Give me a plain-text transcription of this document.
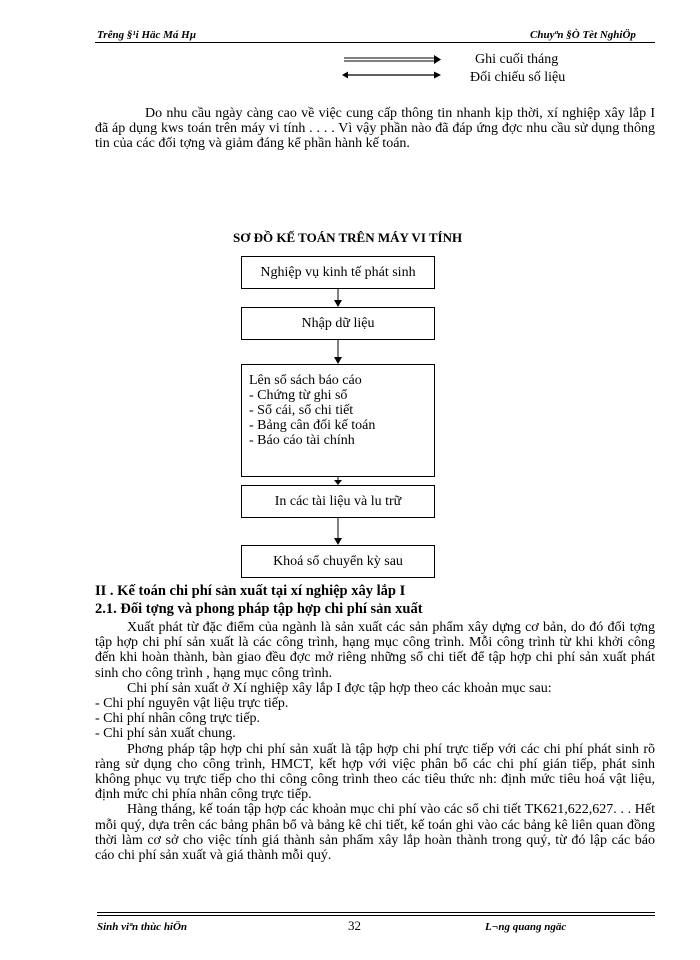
Trêng §¹i Häc Má Hµ	Chuyªn §Ò Tèt NghiÖp
Ghi cuối tháng
Đối chiếu số liệu
Do nhu cầu ngày càng cao về việc cung cấp thông tin nhanh kịp thời, xí nghiệp xây lắp I đã áp dụng kws toán trên máy vi tính . . . . Vì vậy phần nào đã đáp ứng đợc nhu cầu sử dụng thông tin của các đối tợng và giảm đáng kể phần hành kế toán.
SƠ ĐỒ KẾ TOÁN TRÊN MÁY VI TÍNH
Nghiệp vụ kinh tế phát sinh
Nhập dữ liệu
Lên sổ sách báo cáo
- Chứng từ ghi sổ
- Sổ cái, sổ chi tiết
- Bảng cân đối kế toán
- Báo cáo tài chính
In các tài liệu và lu trữ
Khoá sổ chuyển kỳ sau
II . Kế toán chi phí sản xuất tại xí nghiệp xây lắp I
2.1. Đối tợng và phong pháp tập hợp chi phí sản xuất

Xuất phát từ đặc điểm của ngành là sản xuất các sản phẩm xây dựng cơ bản, do đó đối tợng tập hợp chi phí sản xuất là các công trình, hạng mục công trình. Mỗi công trình từ khi khởi công đến khi hoàn thành, bàn giao đều đợc mở riêng những sổ chi tiết để tập hợp chi phí sản xuất phát sinh cho công trình , hạng mục công trình.

Chi phí sản xuất ở Xí nghiệp xây lắp I đợc tập hợp theo các khoản mục sau:

- Chi phí nguyên vật liệu trực tiếp.

- Chi phí nhân công trực tiếp.

- Chi phí sản xuất chung.

Phơng pháp tập hợp chi phí sản xuất là tập hợp chi phí trực tiếp với các chi phí phát sinh rõ ràng sử dụng cho công trình, HMCT, kết hợp với việc phân bổ các chi phí gián tiếp, phát sinh không phục vụ trực tiếp cho thi công công trình theo các tiêu thức nh: định mức tiêu hoá vật liệu, định mức chi phía nhân công trực tiếp.

Hàng tháng, kế toán tập hợp các khoản mục chi phí vào các sổ chi tiết TK621,622,627. . . Hết mỗi quý, dựa trên các bảng phân bổ và bảng kê chi tiết, kế toán ghi vào các bảng kê liên quan đồng thời làm cơ sở cho việc tính giá thành sản phẩm xây lắp hoàn thành trong quý, từ đó lập các báo cáo chi phí sản xuất và giá thành mỗi quý.

Sinh viªn thùc hiÖn	32	L¬ng quang ngäc
